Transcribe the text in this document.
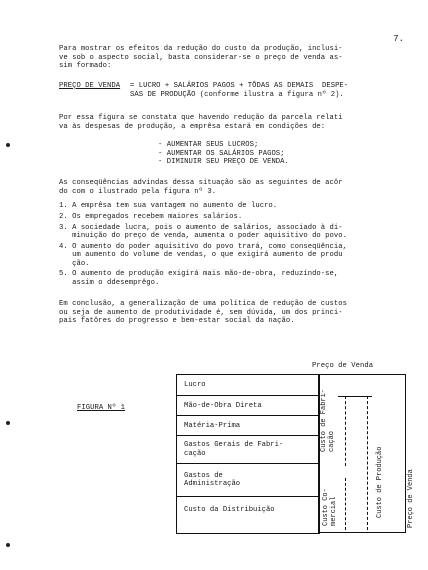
7.
Para mostrar os efeitos da redução do custo da produção, inclusi-
ve sob o aspecto social, basta considerar-se o preço de venda as-
sim formado:
PREÇO DE VENDA = LUCRO + SALÁRIOS PAGOS + TÔDAS AS DEMAIS  DESPE-
SAS DE PRODUÇÃO (conforme ilustra a figura nº 2).
Por essa figura se constata que havendo redução da parcela relati
va às despesas de produção, a emprêsa estará em condições de:
- AUMENTAR SEUS LUCROS;
- AUMENTAR OS SALÁRIOS PAGOS;
- DIMINUIR SEU PREÇO DE VENDA.
As conseqüências advindas dessa situação são as seguintes de acôr
do com o ilustrado pela figura nº 3.
1. A emprêsa tem sua vantagem no aumento de lucro.
2. Os empregados recebem maiores salários.
3. A sociedade lucra, pois o aumento de salários, associado à di-
minuição do preço de venda, aumenta o poder aquisitivo do povo.
4. O aumento do poder aquisitivo do povo trará, como conseqüência,
um aumento do volume de vendas, o que exigirá aumento de produ
ção.
5. O aumento de produção exigirá mais mão-de-obra, reduzindo-se,
assim o ddesemprêgo.
Em conclusão, a generalização de uma política de redução de custos
ou seja de aumento de produtividade é, sem dúvida, um dos princi-
pais fatôres do progresso e bem-estar social da nação.
Preço de Venda
FIGURA Nº 1
Lucro
Mão-de-Obra Direta
Matéria-Prima
Gastos Gerais de Fabri-
cação
Gastos de
Administração
Custo da Distribuição
Custo de Fabri-
cação
Custo Co-
mercial	Custo de Produção	Preço de Venda
